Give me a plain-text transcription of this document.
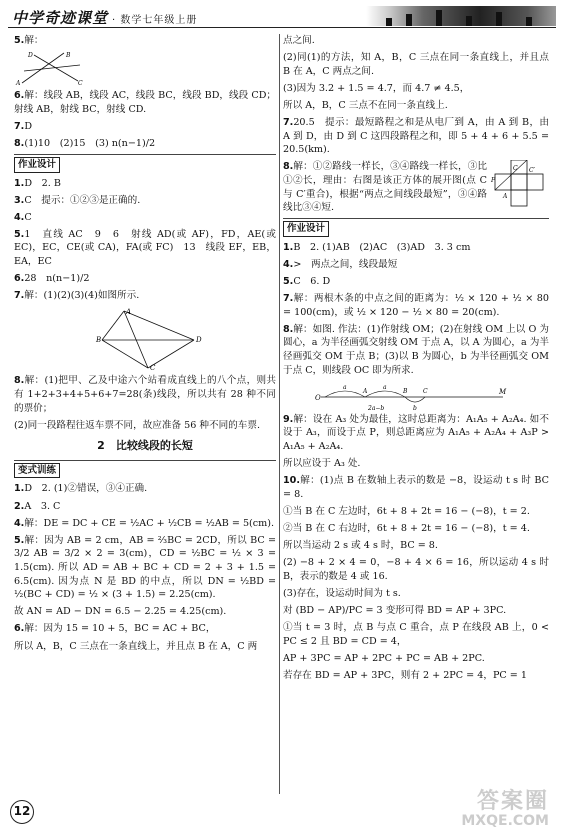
中学奇迹课堂 · 数学七年级上册

5.解：

A
B
C
D

6.解：线段 AB，线段 AC，线段 BC，线段 BD，线段 CD；射线 AB，射线 BC，射线 CD.

7.D

8.(1)10　(2)15　(3) n(n−1)/2

作业设计

1.D　2. B

3.C　提示：①②③是正确的.

4.C

5.1　直线 AC　9　6　射线 AD(或 AF)，FD，AE(或 EC)，EC，CE(或 CA)，FA(或 FC)　13　线段 EF，EB，EA，EC

6.28　n(n−1)/2

7.解：(1)(2)(3)(4)如图所示.

A
B	D
C

8.解：(1)把甲、乙及中途六个站看成直线上的八个点，则共有 1+2+3+4+5+6+7=28(条)线段，所以共有 28 种不同的票价；

(2)同一段路程往返车票不同，故应准备 56 种不同的车票.

2　比较线段的长短
变式训练

1.D　2. (1)②错误，③④正确.

2.A　3. C

4.解：DE = DC + CE = ½AC + ½CB = ½AB = 5(cm).

5.解：因为 AB = 2 cm，AB = ⅔BC = 2CD，所以 BC = 3/2 AB = 3/2 × 2 = 3(cm)，CD = ½BC = ½ × 3 = 1.5(cm). 所以 AD = AB + BC + CD = 2 + 3 + 1.5 = 6.5(cm). 因为点 N 是 BD 的中点，所以 DN = ½BD = ½(BC + CD) = ½ × (3 + 1.5) = 2.25(cm).

故 AN = AD − DN = 6.5 − 2.25 = 4.25(cm).

6.解：因为 15 = 10 + 5，BC = AC + BC，

所以 A，B，C 三点在一条直线上，并且点 B 在 A，C 两

点之间.

(2)同(1)的方法，知 A，B，C 三点在同一条直线上，并且点 B 在 A，C 两点之间.

(3)因为 3.2 + 1.5 = 4.7，而 4.7 ≠ 4.5，

所以 A，B，C 三点不在同一条直线上.

7.20.5　提示：最短路程之和是从电厂到 A，由 A 到 B，由 A 到 D，由 D 到 C 这四段路程之和，即 5 + 4 + 6 + 5.5 = 20.5(km).

F
C C′
A

8.解：①②路线一样长，③④路线一样长，③比①②长，理由：右图是该正方体的展开图(点 C 与 C′重合)，根据“两点之间线段最短”，③④路线比③④短.

作业设计

1.B　2. (1)AB　(2)AC　(3)AD　3. 3 cm

4.>　两点之间，线段最短

5.C　6. D

7.解：两根木条的中点之间的距离为：½ × 120 + ½ × 80 = 100(cm)，或 ½ × 120 − ½ × 80 = 20(cm).

8.解：如图. 作法：(1)作射线 OM；(2)在射线 OM 上以 O 为圆心，a 为半径画弧交射线 OM 于点 A，以 A 为圆心，a 为半径画弧交 OM 于点 B；(3)以 B 为圆心，b 为半径画弧交 OM 于点 C，则线段 OC 即为所求.

O
A	B	C	M
a	a
b
2a−b

9.解：设在 A₃ 处为最佳，这时总距离为：A₁A₅ + A₂A₄. 如不设于 A₃，而设于点 P，则总距离应为 A₁A₅ + A₂A₄ + A₃P > A₁A₅ + A₂A₄.

所以应设于 A₃ 处.

10.解：(1)点 B 在数轴上表示的数是 −8，设运动 t s 时 BC = 8.

①当 B 在 C 左边时，6t + 8 + 2t = 16 − (−8)，t = 2.

②当 B 在 C 右边时，6t + 8 + 2t = 16 − (−8)，t = 4.

所以当运动 2 s 或 4 s 时，BC = 8.

(2) −8 + 2 × 4 = 0，−8 + 4 × 6 = 16，所以运动 4 s 时 B，表示的数是 4 或 16.

(3)存在，设运动时间为 t s.

对 (BD − AP)/PC = 3 变形可得 BD = AP + 3PC.

①当 t = 3 时，点 B 与点 C 重合，点 P 在线段 AB 上，0 < PC ≤ 2 且 BD = CD = 4，

AP + 3PC = AP + 2PC + PC = AB + 2PC.

若存在 BD = AP + 3PC，则有 2 + 2PC = 4，PC = 1

12	答案圈
MXQE.COM
